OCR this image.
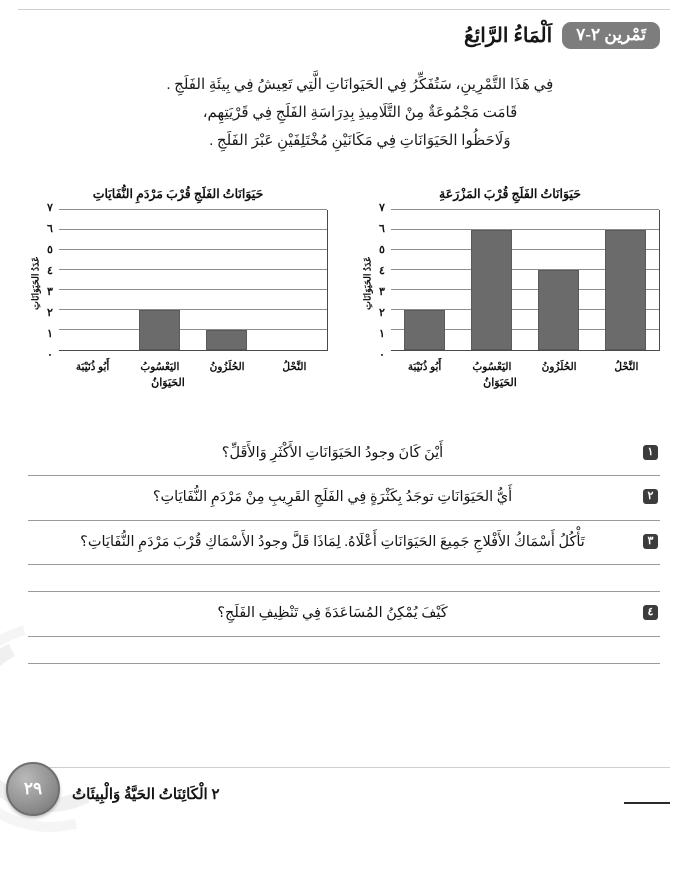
تَمْرين ٢-٧
اَلْمَاءُ الرَّائِعُ

فِي هَذَا التَّمْرِينِ، سَتُفَكِّرُ فِي الحَيَوانَاتِ الَّتِي تَعِيشُ فِي بِيئَةِ الفَلَجِ .

قَامَت مَجْمُوعَةٌ مِنْ التَّلَامِيذِ بِدِرَاسَةِ الفَلَجِ فِي قَرْيَتِهِم،

وَلَاحَظُوا الحَيَوَانَاتِ فِي مَكَانَيْنِ مُخْتَلِفَيْنِ عَبْرَ الفَلَجِ .

حَيَوَانَاتُ الفَلَجِ قُرْبَ المَزْرَعَةِ
٧
٦
٥
٤
٣
٢
١
٠
عَدَدُ الحَيَوَانَاتِ
النَّحْلُ
الحُلَزُونُ
اليَعْسُوبُ
أَبُو ذُنَيْبَة
الحَيَوَانُ
حَيَوَانَاتُ الفَلَجِ قُرْبَ مَرْدَمِ النُّفَايَاتِ
٧
٦
٥
٤
٣
٢
١
٠
عَدَدُ الحَيَوَانَاتِ
النَّحْلُ
الحُلَزُونُ
اليَعْسُوبُ
أَبُو ذُنَيْبَة
الحَيَوَانُ
١
أَيْنَ كَانَ وجودُ الحَيَوَانَاتِ الأَكْثَرِ وَالأَقَلِّ؟
٢
أَيُّ الحَيَوَانَاتِ توجَدُ بِكَثْرَةٍ فِي الفَلَجِ القَرِيبِ مِنْ مَرْدَمِ النُّفَايَاتِ؟
٣
تَأْكُلُ أَسْمَاكُ الأَفْلاجِ جَمِيعَ الحَيَوَانَاتِ أَعْلَاهُ. لِمَاذَا قَلَّ وجودُ الأَسْمَاكِ قُرْبَ مَرْدَمِ النُّفَايَاتِ؟
٤
كَيْفَ يُمْكِنُ المُسَاعَدَةَ فِي تَنْظِيفِ الفَلَجِ؟
٢٩	٢ الْكَائِنَاتُ الحَيَّةُ وَالْبِيئَاتُ
